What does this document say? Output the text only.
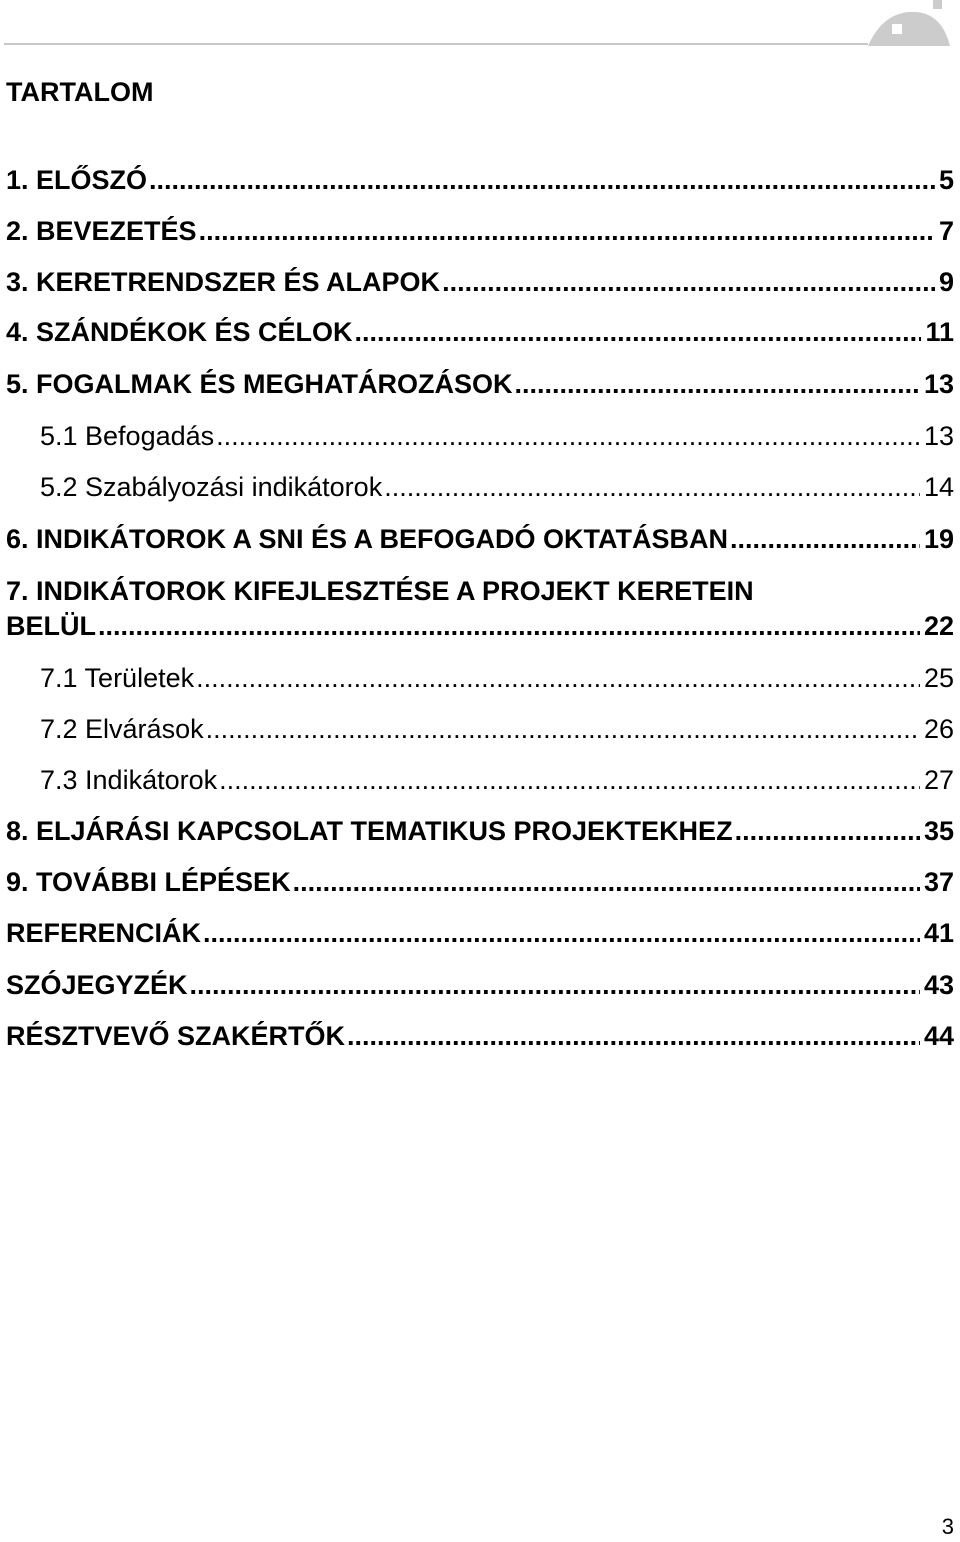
TARTALOM
1. ELŐSZÓ .....	5
2. BEVEZETÉS .....	7
3. KERETRENDSZER ÉS ALAPOK .....	9
4. SZÁNDÉKOK ÉS CÉLOK .....	11
5. FOGALMAK ÉS MEGHATÁROZÁSOK .....	13
5.1 Befogadás .....	13
5.2 Szabályozási indikátorok .....	14
6. INDIKÁTOROK A SNI ÉS A BEFOGADÓ OKTATÁSBAN .....	19
7. INDIKÁTOROK KIFEJLESZTÉSE A PROJEKT KERETEIN
BELÜL .....	22
7.1 Területek .....	25
7.2 Elvárások .....	26
7.3 Indikátorok .....	27
8. ELJÁRÁSI KAPCSOLAT TEMATIKUS PROJEKTEKHEZ .....	35
9. TOVÁBBI LÉPÉSEK .....	37
REFERENCIÁK .....	41
SZÓJEGYZÉK .....	43
RÉSZTVEVŐ SZAKÉRTŐK .....	44
3
